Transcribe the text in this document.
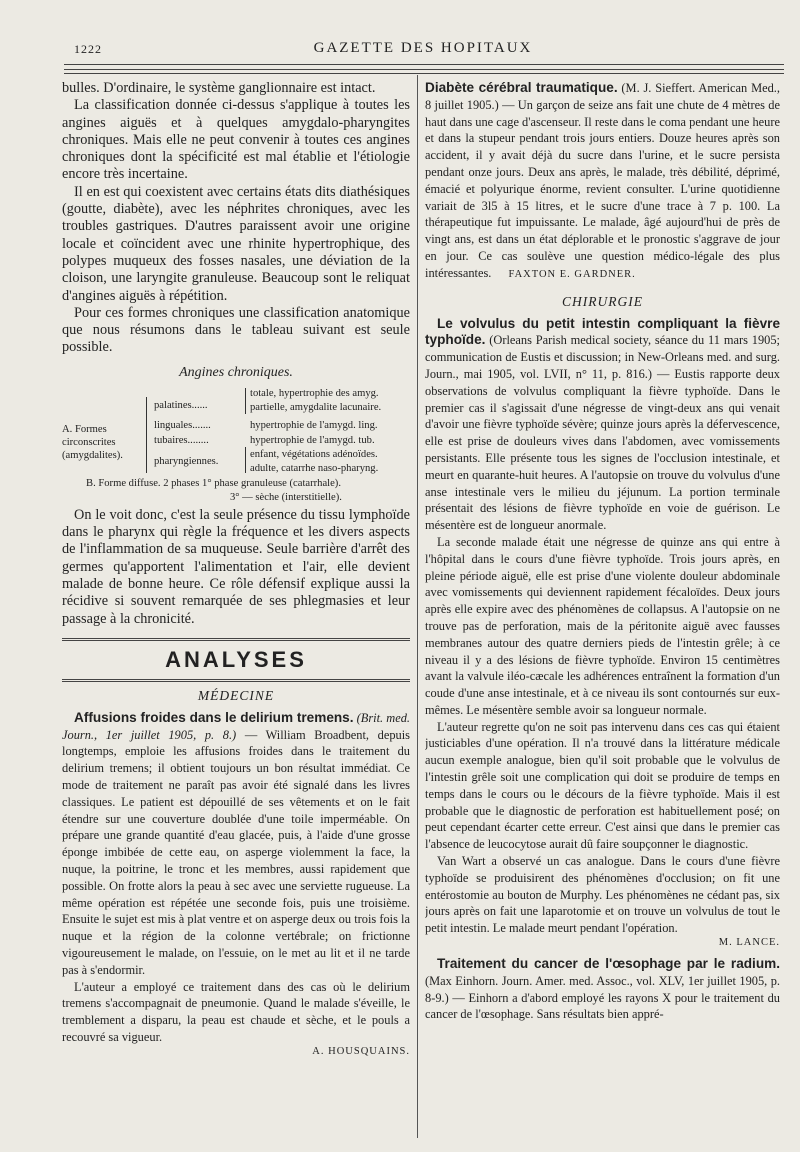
1222	GAZETTE DES HOPITAUX

bulles. D'ordinaire, le système ganglionnaire est intact.

La classification donnée ci-dessus s'applique à toutes les angines aiguës et à quelques amygdalo-pharyngites chroniques. Mais elle ne peut convenir à toutes ces angines chroniques dont la spécificité est mal établie et l'étiologie encore très incertaine.

Il en est qui coexistent avec certains états dits diathésiques (goutte, diabète), avec les néphrites chroniques, avec les troubles gastriques. D'autres paraissent avoir une origine locale et coïncident avec une rhinite hypertrophique, des polypes muqueux des fosses nasales, une déviation de la cloison, une laryngite granuleuse. Beaucoup sont le reliquat d'angines aiguës à répétition.

Pour ces formes chroniques une classification anatomique que nous résumons dans le tableau suivant est seule possible.

Angines chroniques.
A. Formes
circonscrites
(amygdalites).
palatines......
linguales.......
tubaires........
pharyngiennes.
totale, hypertrophie des amyg.
partielle, amygdalite lacunaire.
hypertrophie de l'amygd. ling.
hypertrophie de l'amygd. tub.
enfant, végétations adénoïdes.
adulte, catarrhe naso-pharyng.
B. Forme diffuse. 2 phases 1° phase granuleuse (catarrhale).
3° — sèche (interstitielle).

On le voit donc, c'est la seule présence du tissu lymphoïde dans le pharynx qui règle la fréquence et les divers aspects de l'inflammation de sa muqueuse. Seule barrière d'arrêt des germes qu'apportent l'alimentation et l'air, elle devient malade de bonne heure. Ce rôle défensif explique aussi la récidive si souvent remarquée de ses phlegmasies et leur passage à la chronicité.

ANALYSES
MÉDECINE

Affusions froides dans le delirium tremens. (Brit. med. Journ., 1er juillet 1905, p. 8.) — William Broadbent, depuis longtemps, emploie les affusions froides dans le traitement du delirium tremens; il obtient toujours un bon résultat immédiat. Ce mode de traitement ne paraît pas avoir été signalé dans les livres classiques. Le patient est dépouillé de ses vêtements et on le fait étendre sur une couverture doublée d'une toile imperméable. On prépare une grande quantité d'eau glacée, puis, à l'aide d'une grosse éponge imbibée de cette eau, on asperge violemment la face, la nuque, la poitrine, le tronc et les membres, aussi rapidement que possible. On frotte alors la peau à sec avec une serviette rugueuse. La même opération est répétée une seconde fois, puis une troisième. Ensuite le sujet est mis à plat ventre et on asperge deux ou trois fois la nuque et la région de la colonne vertébrale; on frictionne vigoureusement le malade, on l'essuie, on le met au lit et il ne tarde pas à s'endormir.

L'auteur a employé ce traitement dans des cas où le delirium tremens s'accompagnait de pneumonie. Quand le malade s'éveille, le tremblement a disparu, la peau est chaude et sèche, et le pouls a recouvré sa vigueur.

A. HOUSQUAINS.

Diabète cérébral traumatique. (M. J. Sieffert. American Med., 8 juillet 1905.) — Un garçon de seize ans fait une chute de 4 mètres de haut dans une cage d'ascenseur. Il reste dans le coma pendant une heure et dans la stupeur pendant trois jours entiers. Douze heures après son accident, il y avait déjà du sucre dans l'urine, et le sucre persista pendant onze jours. Deux ans après, le malade, très débilité, déprimé, émacié et polyurique énorme, revient consulter. L'urine quotidienne variait de 3l5 à 15 litres, et le sucre d'une trace à 7 p. 100. La thérapeutique fut impuissante. Le malade, âgé aujourd'hui de près de vingt ans, est dans un état déplorable et le pronostic s'aggrave de jour en jour. Ce cas soulève une question médico-légale des plus intéressantes. FAXTON E. GARDNER.

CHIRURGIE

Le volvulus du petit intestin compliquant la fièvre typhoïde. (Orleans Parish medical society, séance du 11 mars 1905; communication de Eustis et discussion; in New-Orleans med. and surg. Journ., mai 1905, vol. LVII, n° 11, p. 816.) — Eustis rapporte deux observations de volvulus compliquant la fièvre typhoïde. Dans le premier cas il s'agissait d'une négresse de vingt-deux ans qui venait d'avoir une fièvre typhoïde sévère; quinze jours après la défervescence, elle est prise de douleurs vives dans l'abdomen, avec vomissements persistants. Elle présente tous les signes de l'occlusion intestinale, et meurt en quarante-huit heures. A l'autopsie on trouve du volvulus d'une anse intestinale vers le milieu du jéjunum. La portion terminale présentait des lésions de fièvre typhoïde en voie de guérison. Le mésentère est de longueur anormale.

La seconde malade était une négresse de quinze ans qui entre à l'hôpital dans le cours d'une fièvre typhoïde. Trois jours après, en pleine période aiguë, elle est prise d'une violente douleur abdominale avec vomissements qui deviennent rapidement fécaloïdes. Deux jours après elle expire avec des phénomènes de collapsus. A l'autopsie on ne trouve pas de perforation, mais de la péritonite aiguë avec fausses membranes autour des quatre derniers pieds de l'intestin grêle; à ce niveau il y a des lésions de fièvre typhoïde. Environ 15 centimètres avant la valvule iléo-cæcale les adhérences entraînent la formation d'un coude d'une anse intestinale, et à ce niveau ils sont contournés sur eux-mêmes. Le mésentère semble avoir sa longueur normale.

L'auteur regrette qu'on ne soit pas intervenu dans ces cas qui étaient justiciables d'une opération. Il n'a trouvé dans la littérature médicale aucun exemple analogue, bien qu'il soit probable que le volvulus de l'intestin grêle soit une complication qui doit se produire de temps en temps dans le cours ou le décours de la fièvre typhoïde. Mais il est probable que le diagnostic de perforation est habituellement posé; on peut cependant écarter cette erreur. C'est ainsi que dans le premier cas l'absence de leucocytose aurait dû faire soupçonner le diagnostic.

Van Wart a observé un cas analogue. Dans le cours d'une fièvre typhoïde se produisirent des phénomènes d'occlusion; on fit une entérostomie au bouton de Murphy. Les phénomènes ne cédant pas, six jours après on fait une laparotomie et on trouve un volvulus de tout le petit intestin. Le malade meurt pendant l'opération.

M. LANCE.

Traitement du cancer de l'œsophage par le radium. (Max Einhorn. Journ. Amer. med. Assoc., vol. XLV, 1er juillet 1905, p. 8-9.) — Einhorn a d'abord employé les rayons X pour le traitement du cancer de l'œsophage. Sans résultats bien appré-
